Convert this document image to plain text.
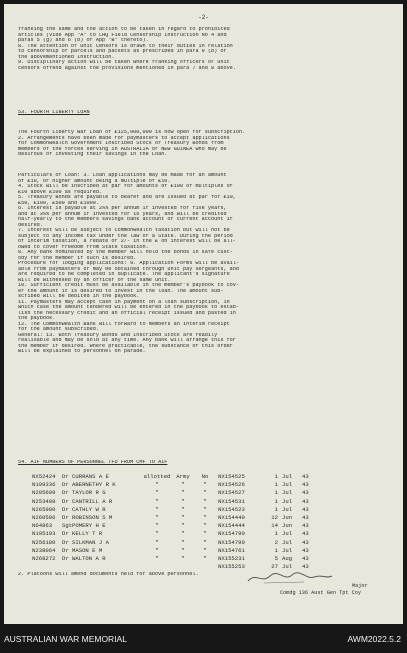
-2-
franking the same and the action to be taken in regard to prohibited
articles (vide App "A" to LHQ Field Censorship Instruction No 4 and
paras 5 (g) and 6 (b) of App "B" thereto).
8. The attention of Unit Censors is drawn to their duties in relation
to censorship of parcels and packets as prescribed in para 9 (b) of
the abovementioned Instruction.
9. Disciplinary action will be taken where franking officers or unit
censors offend against the provisions mentioned in para 7 and 8 above.
53. FOURTH LIBERTY LOAN
The Fourth Liberty War Loan of £125,000,000 is now open for subscription.
2. Arrangements have been made for paymasters to accept applications
for Commonwealth Government Inscribed Stock or Treasury Bonds from
members of the forces serving in AUSTRALIA or NEW GUINEA who may be
desirous of investing their savings in the Loan.
Particulars of Loan: 3. Loan applications may be made for an amount
of £10, or higher amount being a multiple of £10.
4. Stock will be inscribed at par for amounts of £100 or multiples of
£10 above £100 as required.
5. Treasury Bonds are payable to bearer and are issued at par for £10,
£50, £100, £500 and £1000.
6. Interest is payable at 2¼% per annum if invested for five years,
and at 3¼% per annum if invested for 16 years, and will be credited
half-yearly to the members savings bank account or current account if
desired.
7. Interest will be subject to Commonwealth taxation but will not be
subject to any income tax under the law of a State. During the period
of interim taxation, a rebate of 2/- in the £ on interest will be all-
owed to cover freedom from State taxation.
8. Any bank nominated by the member will hold the bonds in safe cust-
ody for the member if such is desired.
Procedure for lodging applications: 9. Application Forms will be avail-
able from paymasters or may be obtained through unit pay sergeants, and
are required to be completed in duplicate. The applicant's signature
will be witnessed by an officer of the same unit.
10. Sufficient credit must be available in the member's paybook to cov-
er the amount it is desired to invest in the loan. The amount sub-
scribed will be debited in the paybook.
11. Paymasters may accept cash in payment on a loan subscription, in
which case the amount tendered will be entered in the paybook to estab-
lish the necessary credit and an official receipt issued and pasted in
the paybook.
12. The Commonwealth Bank will forward to members an interim receipt
for the amount subscribed.
General: 13. Both Treasury Bonds and Inscribed Stock are readily
realisable and may be sold at any time. Any bank will arrange this for
the member if desired. Where practicable, the substance of this order
will be explained to personnel on parade.
54. AIF NUMBERS OF PERSONNEL TFD FROM CMF TO AIF
NX52424	Dr CURRANS A E	allotted Army No	NX154525	1 Jul	43
N199336	Dr ABERNETHY R K	"	"	"	NX154526	1 Jul	43
N205699	Dr TAYLOR R G	"	"	"	NX154527	1 Jul	43
N253498	Dr CANTRILL A R	"	"	"	NX154531	1 Jul	43
N265980	Dr CATHLY W R	"	"	"	NX154523	1 Jul	43
N260596	Dr ROBINSON S M	"	"	"	NX154440	12 Jun	43
N64863	Sgt POMERY H E	"	"	"	NX154444	14 Jun	43
N195193	Dr KELLY T R	"	"	"	NX154790	1 Jul	43
N256180	Dr SILKMAN J A	"	"	"	NX154790	2 Jul	43
N238064	Dr MASON E M	"	"	"	NX154761	1 Jul	43
N268272	Dr WALTON A R	"	"	"	NX155231	5 Aug	43
NX155253	27 Jul	43
2. Platoons will amend documents held for above personnel.
Major
Comdg 136 Aust Gen Tpt Coy
AUSTRALIAN WAR MEMORIAL	AWM2022.5.2
